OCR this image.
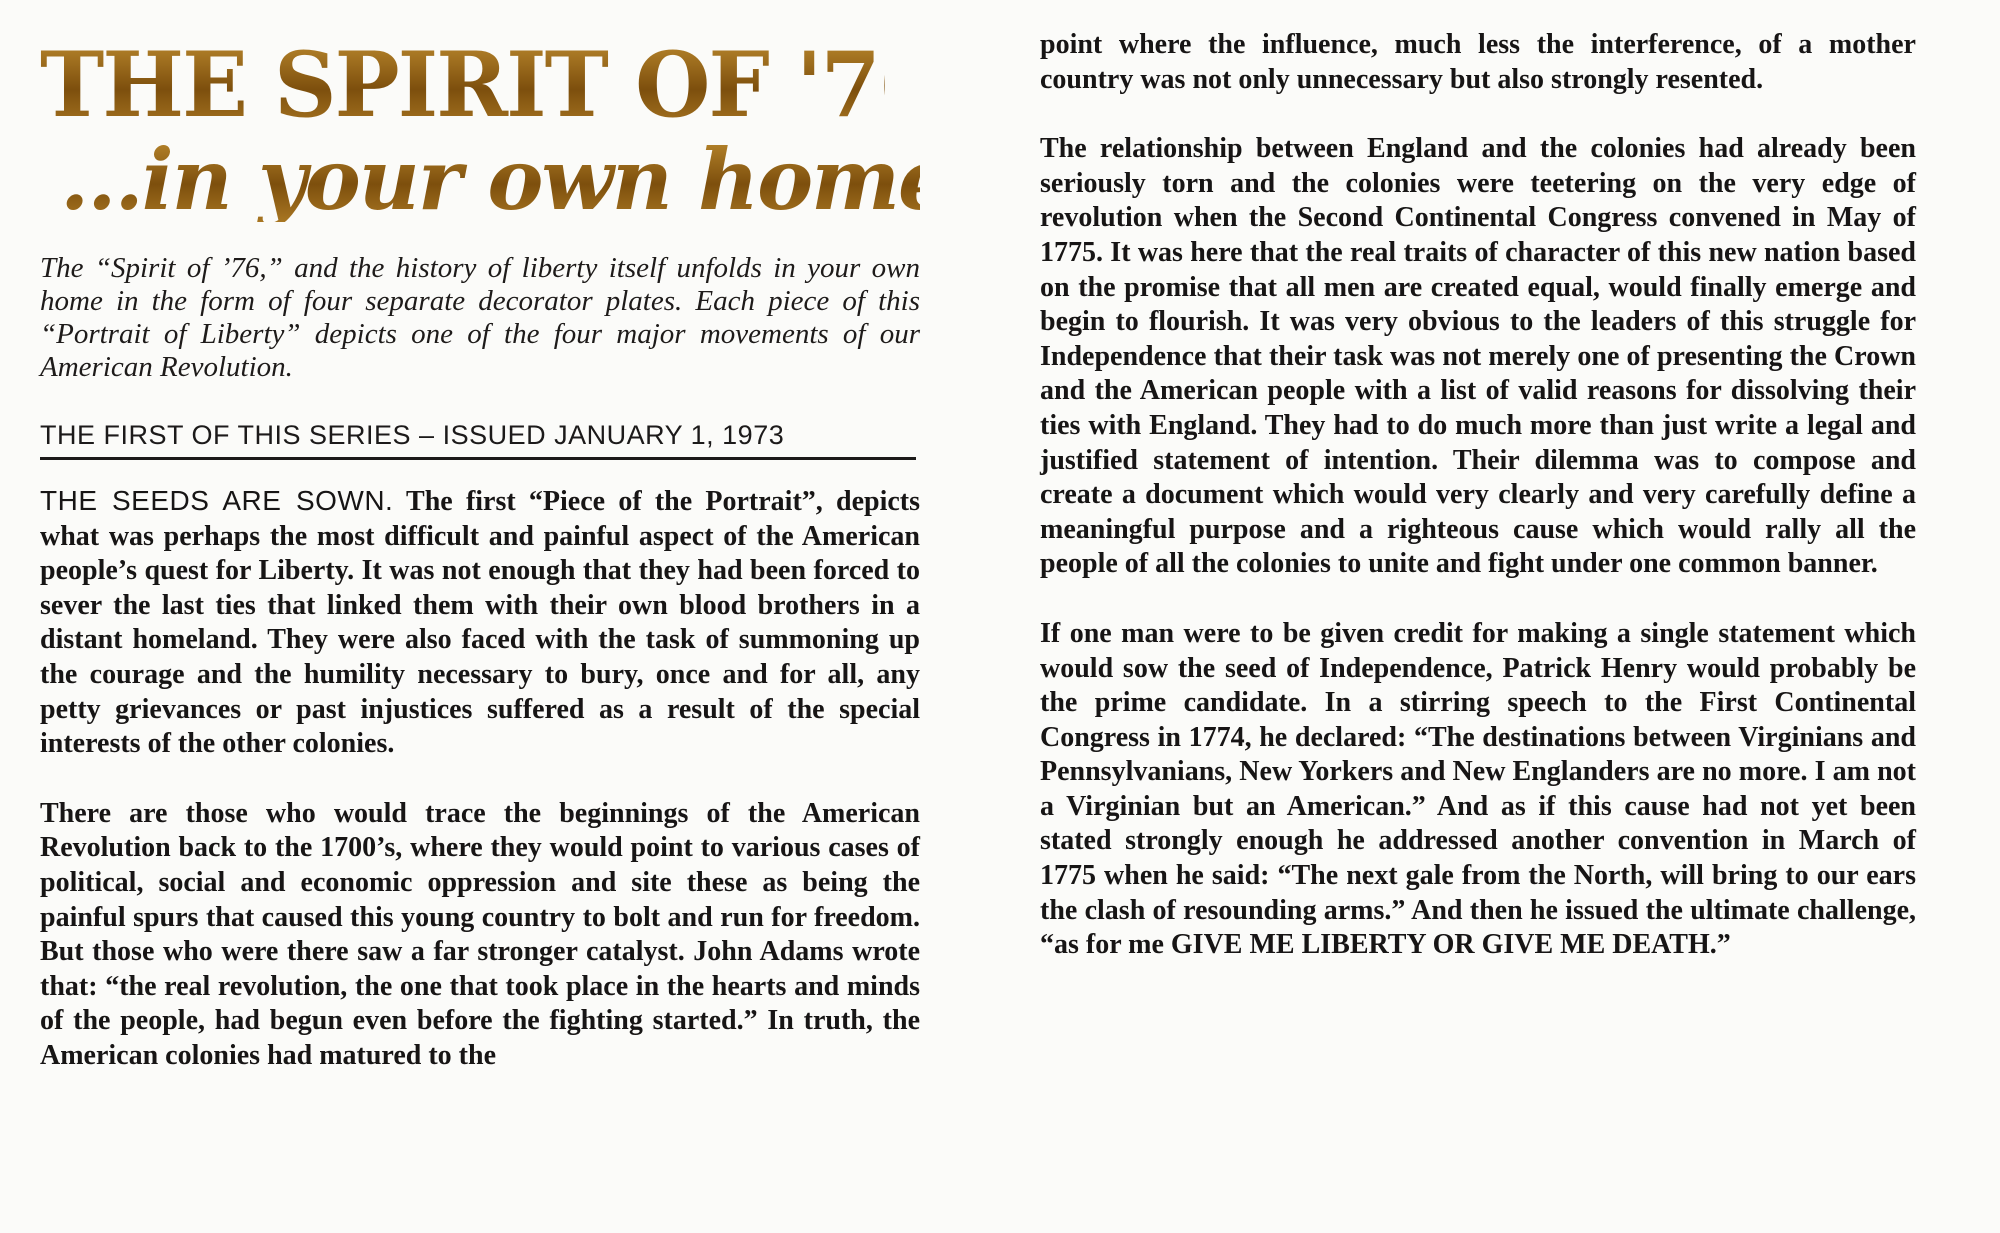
THE SPIRIT OF '76
...in your own home!

The “Spirit of ’76,” and the history of liberty itself unfolds in your own home in the form of four separate decorator plates. Each piece of this “Portrait of Liberty” depicts one of the four major movements of our American Revolution.

THE FIRST OF THIS SERIES – ISSUED JANUARY 1, 1973

THE SEEDS ARE SOWN. The first “Piece of the Portrait”, depicts what was perhaps the most difficult and painful aspect of the American people’s quest for Liberty. It was not enough that they had been forced to sever the last ties that linked them with their own blood brothers in a distant homeland. They were also faced with the task of summoning up the courage and the humility necessary to bury, once and for all, any petty grievances or past injustices suffered as a result of the special interests of the other colonies.

There are those who would trace the beginnings of the American Revolution back to the 1700’s, where they would point to various cases of political, social and economic oppression and site these as being the painful spurs that caused this young country to bolt and run for freedom. But those who were there saw a far stronger catalyst. John Adams wrote that: “the real revolution, the one that took place in the hearts and minds of the people, had begun even before the fighting started.” In truth, the American colonies had matured to the

point where the influence, much less the interference, of a mother country was not only unnecessary but also strongly resented.

The relationship between England and the colonies had already been seriously torn and the colonies were teetering on the very edge of revolution when the Second Continental Congress convened in May of 1775. It was here that the real traits of character of this new nation based on the promise that all men are created equal, would finally emerge and begin to flourish. It was very obvious to the leaders of this struggle for Independence that their task was not merely one of presenting the Crown and the American people with a list of valid reasons for dissolving their ties with England. They had to do much more than just write a legal and justified statement of intention. Their dilemma was to compose and create a document which would very clearly and very carefully define a meaningful purpose and a righteous cause which would rally all the people of all the colonies to unite and fight under one common banner.

If one man were to be given credit for making a single statement which would sow the seed of Independence, Patrick Henry would probably be the prime candidate. In a stirring speech to the First Continental Congress in 1774, he declared: “The destinations between Virginians and Pennsylvanians, New Yorkers and New Englanders are no more. I am not a Virginian but an American.” And as if this cause had not yet been stated strongly enough he addressed another convention in March of 1775 when he said: “The next gale from the North, will bring to our ears the clash of resounding arms.” And then he issued the ultimate challenge, “as for me GIVE ME LIBERTY OR GIVE ME DEATH.”
